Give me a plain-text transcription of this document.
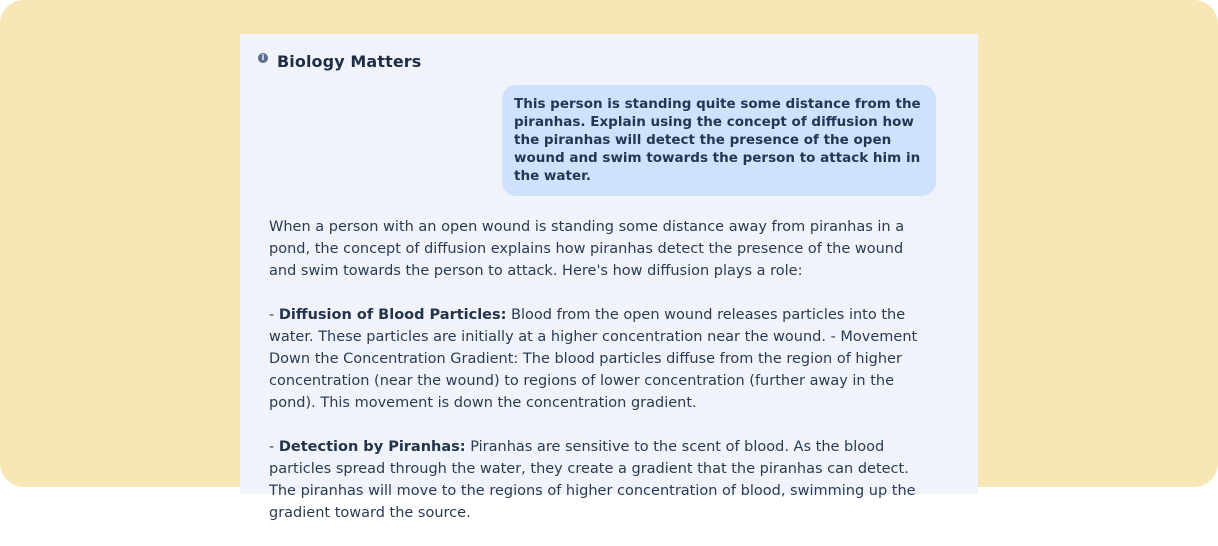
i Biology Matters
This person is standing quite some distance from the piranhas. Explain using the concept of diffusion how the piranhas will detect the presence of the open wound and swim towards the person to attack him in the water.

When a person with an open wound is standing some distance away from piranhas in a pond, the concept of diffusion explains how piranhas detect the presence of the wound and swim towards the person to attack. Here's how diffusion plays a role:

- Diffusion of Blood Particles: Blood from the open wound releases particles into the water. These particles are initially at a higher concentration near the wound. - Movement Down the Concentration Gradient: The blood particles diffuse from the region of higher concentration (near the wound) to regions of lower concentration (further away in the pond). This movement is down the concentration gradient.

- Detection by Piranhas: Piranhas are sensitive to the scent of blood. As the blood particles spread through the water, they create a gradient that the piranhas can detect. The piranhas will move to the regions of higher concentration of blood, swimming up the gradient toward the source.
